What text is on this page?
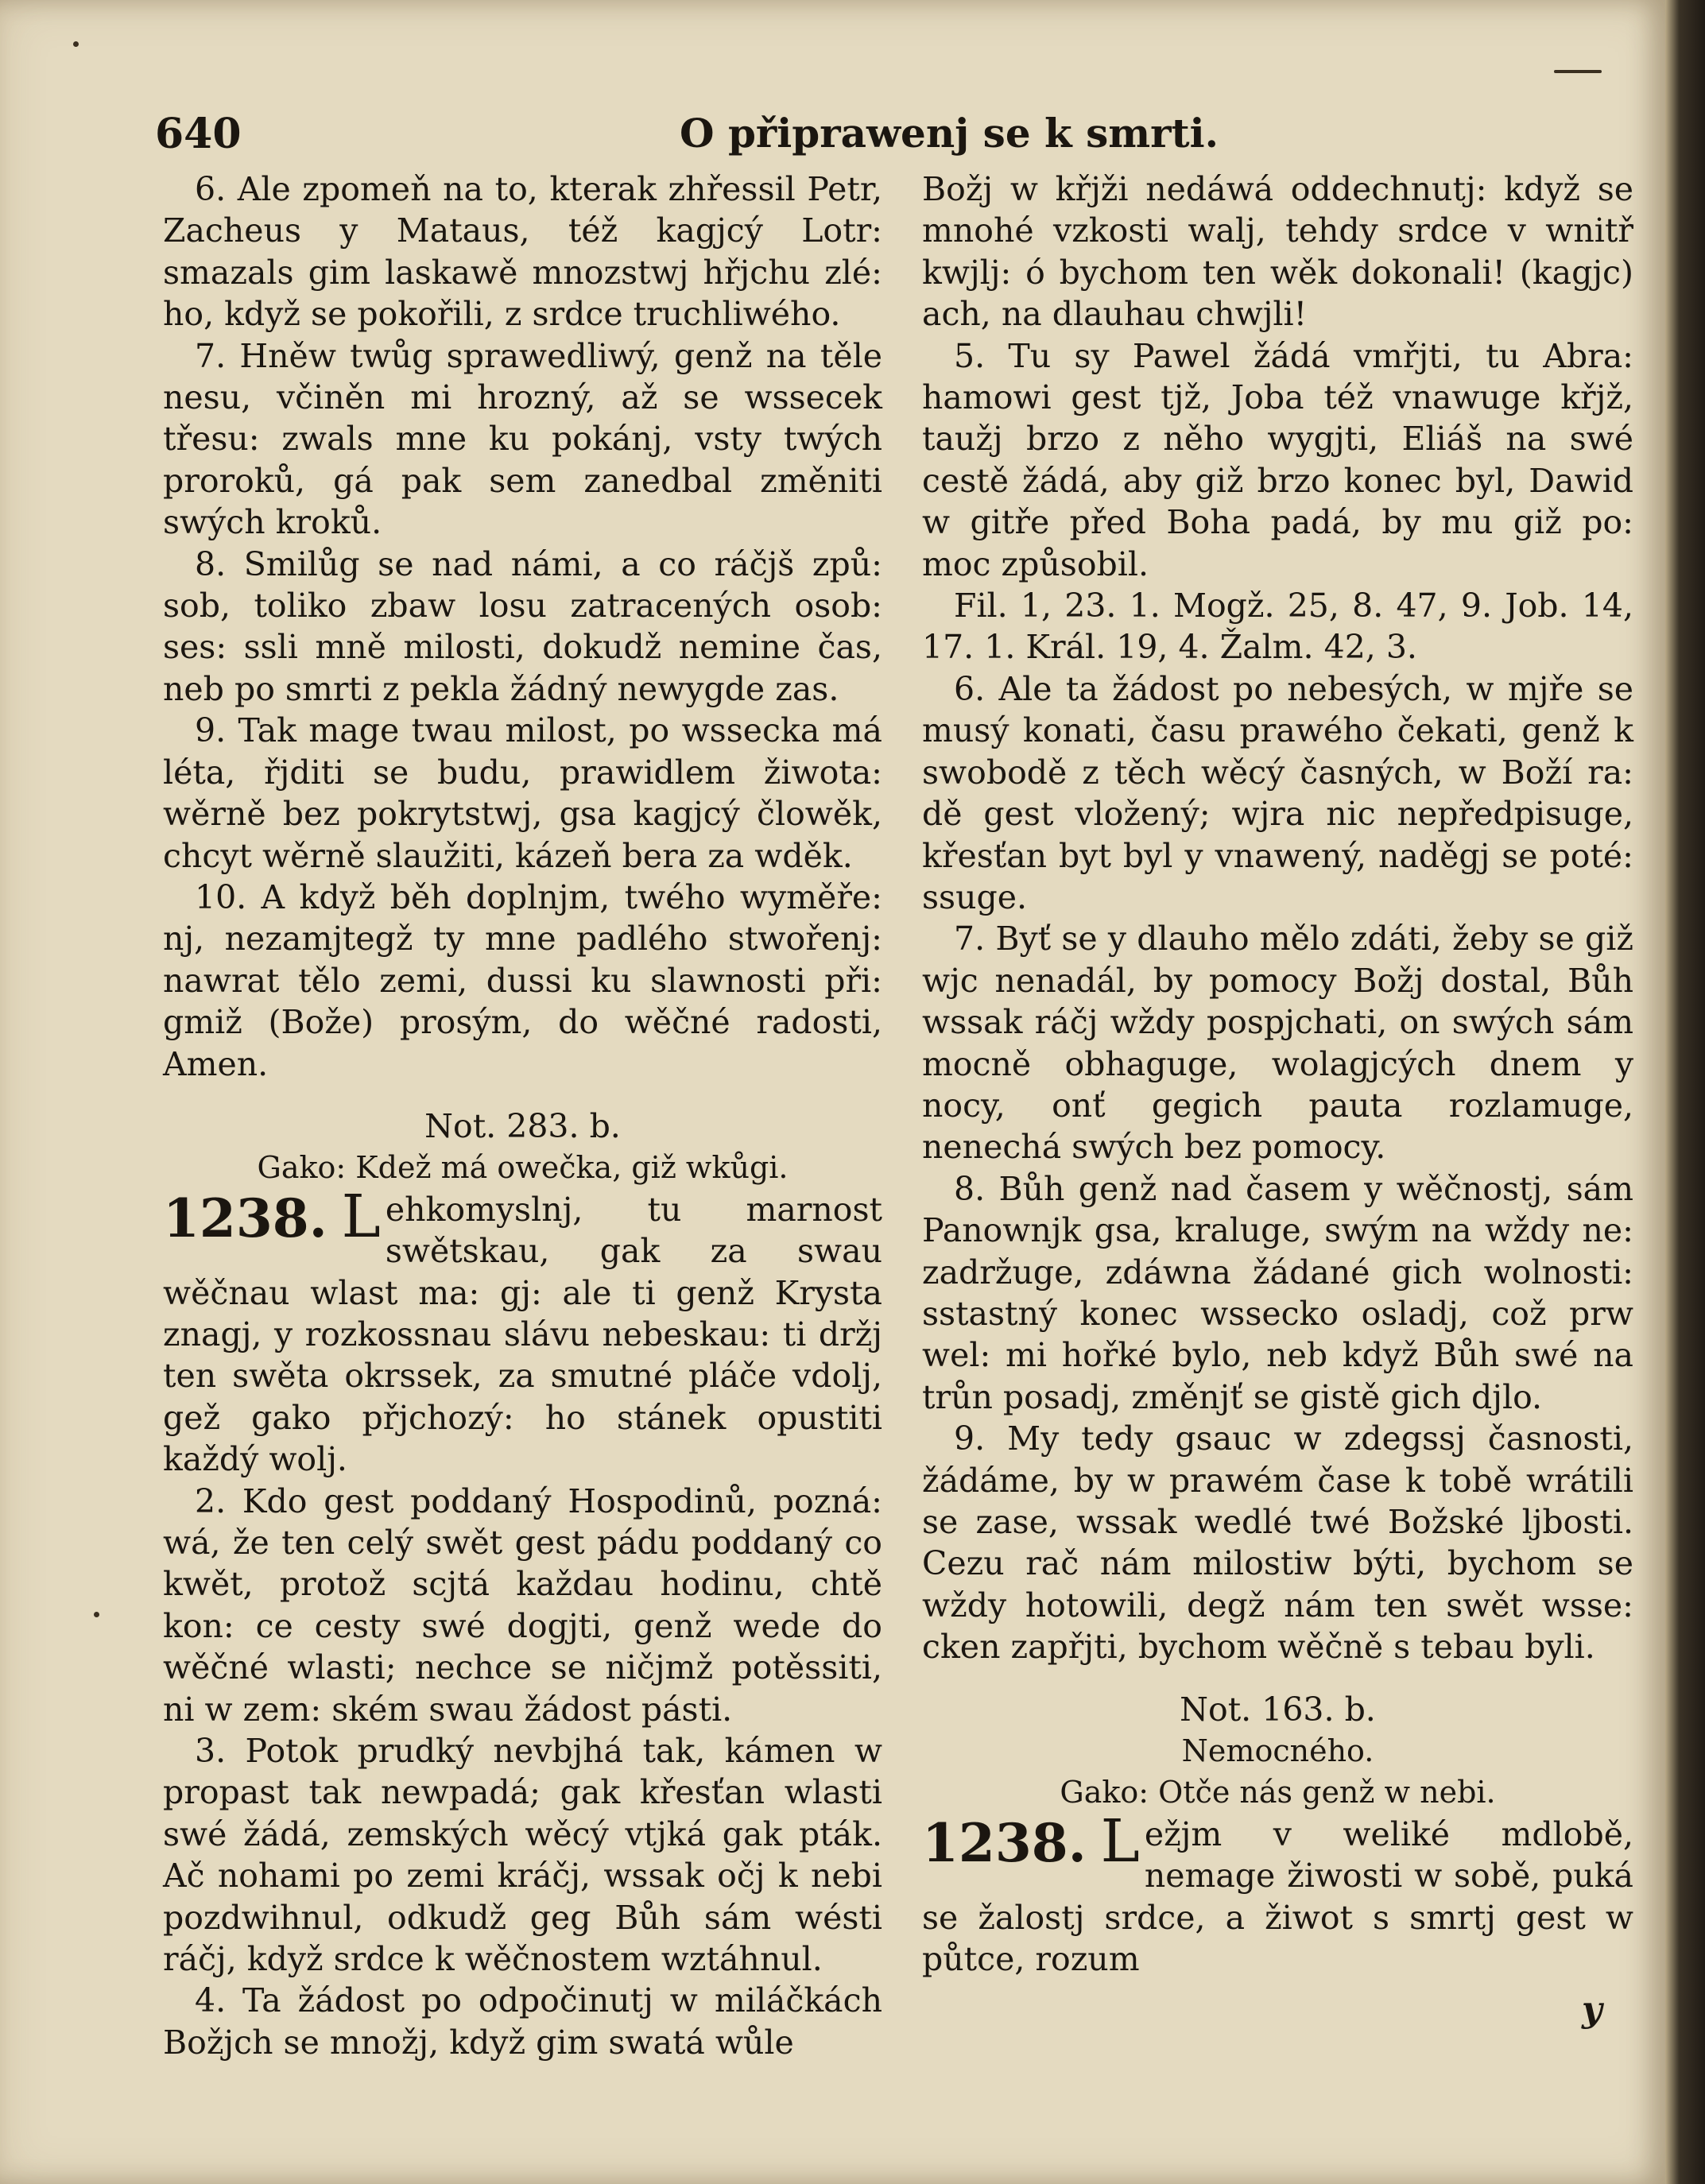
640	O připrawenj se k smrti.

6. Ale zpomeň na to, kterak zhřessil Petr, Zacheus y Mataus, též kagjcý Lotr: smazals gim laskawě mnozstwj hřjchu zlé: ho, když se pokořili, z srdce truchliwého.

7. Hněw twůg sprawedliwý, genž na těle nesu, včiněn mi hrozný, až se wssecek třesu: zwals mne ku pokánj, vsty twých proroků, gá pak sem zanedbal změniti swých kroků.

8. Smilůg se nad námi, a co ráčjš způ: sob, toliko zbaw losu zatracených osob: ses: ssli mně milosti, dokudž nemine čas, neb po smrti z pekla žádný newygde zas.

9. Tak mage twau milost, po wssecka má léta, řjditi se budu, prawidlem žiwota: wěrně bez pokrytstwj, gsa kagjcý člowěk, chcyt wěrně slaužiti, kázeň bera za wděk.

10. A když běh doplnjm, twého wyměře: nj, nezamjtegž ty mne padlého stwořenj: nawrat tělo zemi, dussi ku slawnosti při: gmiž (Bože) prosým, do wěčné radosti, Amen.

Not. 283. b.

Gako: Kdež má owečka, giž wkůgi.

1238. L ehkomyslnj, tu marnost swětskau, gak za swau wěčnau wlast ma: gj: ale ti genž Krysta znagj, y rozkossnau slávu nebeskau: ti držj ten swěta okrssek, za smutné pláče vdolj, gež gako přjchozý: ho stánek opustiti každý wolj.

2. Kdo gest poddaný Hospodinů, pozná: wá, že ten celý swět gest pádu poddaný co kwět, protož scjtá každau hodinu, chtě kon: ce cesty swé dogjti, genž wede do wěčné wlasti; nechce se ničjmž potěssiti, ni w zem: ském swau žádost pásti.

3. Potok prudký nevbjhá tak, kámen w propast tak newpadá; gak křesťan wlasti swé žádá, zemských wěcý vtjká gak pták. Ač nohami po zemi kráčj, wssak očj k nebi pozdwihnul, odkudž geg Bůh sám wésti ráčj, když srdce k wěčnostem wztáhnul.

4. Ta žádost po odpočinutj w miláčkách Božjch se množj, když gim swatá wůle

Božj w křjži nedáwá oddechnutj: když se mnohé vzkosti walj, tehdy srdce v wnitř kwjlj: ó bychom ten wěk dokonali! (kagjc) ach, na dlauhau chwjli!

5. Tu sy Pawel žádá vmřjti, tu Abra: hamowi gest tjž, Joba též vnawuge křjž, taužj brzo z něho wygjti, Eliáš na swé cestě žádá, aby giž brzo konec byl, Dawid w gitře před Boha padá, by mu giž po: moc způsobil.

Fil. 1, 23. 1. Mogž. 25, 8. 47, 9. Job. 14, 17. 1. Král. 19, 4. Žalm. 42, 3.

6. Ale ta žádost po nebesých, w mjře se musý konati, času prawého čekati, genž k swobodě z těch wěcý časných, w Boží ra: dě gest vložený; wjra nic nepředpisuge, křesťan byt byl y vnawený, naděgj se poté: ssuge.

7. Byť se y dlauho mělo zdáti, žeby se giž wjc nenadál, by pomocy Božj dostal, Bůh wssak ráčj wždy pospjchati, on swých sám mocně obhaguge, wolagjcých dnem y nocy, onť gegich pauta rozlamuge, nenechá swých bez pomocy.

8. Bůh genž nad časem y wěčnostj, sám Panownjk gsa, kraluge, swým na wždy ne: zadržuge, zdáwna žádané gich wolnosti: sstastný konec wssecko osladj, což prw wel: mi hořké bylo, neb když Bůh swé na trůn posadj, změnjť se gistě gich djlo.

9. My tedy gsauc w zdegssj časnosti, žádáme, by w prawém čase k tobě wrátili se zase, wssak wedlé twé Božské ljbosti. Cezu rač nám milostiw býti, bychom se wždy hotowili, degž nám ten swět wsse: cken zapřjti, bychom wěčně s tebau byli.

Not. 163. b.

Nemocného.

Gako: Otče nás genž w nebi.

1238. L ežjm v weliké mdlobě, nemage žiwosti w sobě, puká se žalostj srdce, a žiwot s smrtj gest w půtce, rozum

y
